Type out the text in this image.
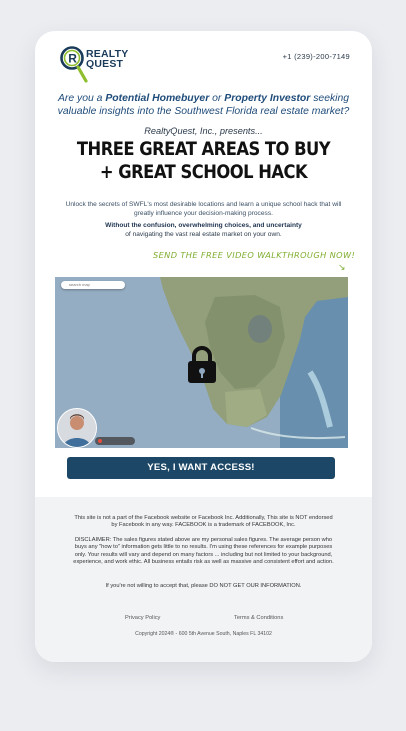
R REALTY
QUEST
+1 (239)-200-7149
Are you a Potential Homebuyer or Property Investor seeking valuable insights into the Southwest Florida real estate market?
RealtyQuest, Inc., presents...
THREE GREAT AREAS TO BUY
+ GREAT SCHOOL HACK
Unlock the secrets of SWFL's most desirable locations and learn a unique school hack that will greatly influence your decision-making process.
Without the confusion, overwhelming choices, and uncertainty
of navigating the vast real estate market on your own.
SEND THE FREE VIDEO WALKTHROUGH NOW!
↘
search map
YES, I WANT ACCESS!
This site is not a part of the Facebook website or Facebook Inc. Additionally, This site is NOT endorsed by Facebook in any way. FACEBOOK is a trademark of FACEBOOK, Inc.
DISCLAIMER: The sales figures stated above are my personal sales figures. The average person who buys any "how to" information gets little to no results. I'm using these references for example purposes only. Your results will vary and depend on many factors ... including but not limited to your background, experience, and work ethic. All business entails risk as well as massive and consistent effort and action.
If you're not willing to accept that, please DO NOT GET OUR INFORMATION.
Privacy Policy	Terms & Conditions
Copyright 2024® - 600 5th Avenue South, Naples FL 34102
